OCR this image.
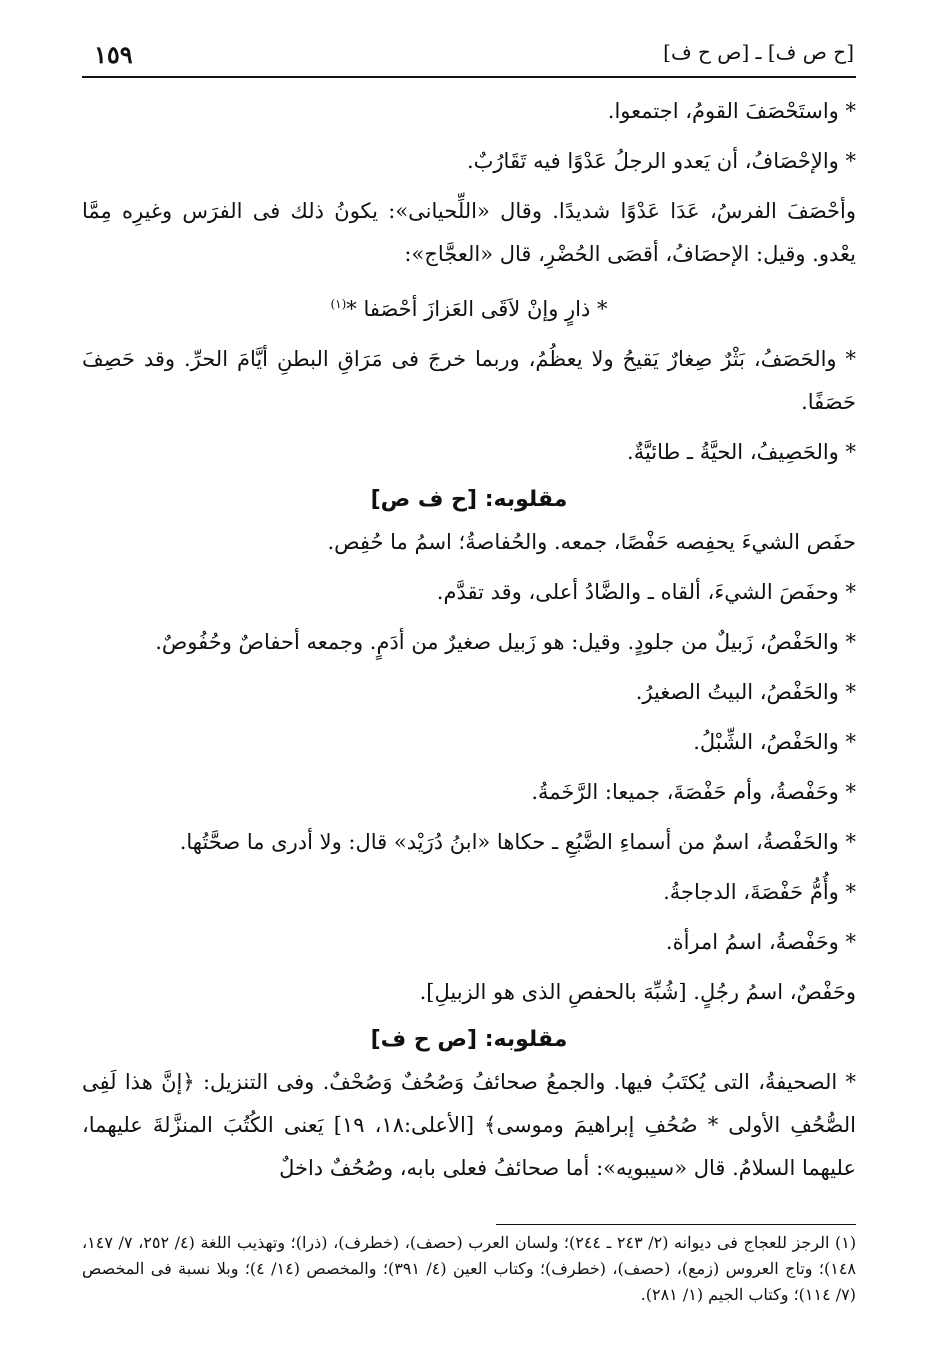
[ح ص ف] ـ [ص ح ف]
١٥٩

* واستَحْصَفَ القومُ، اجتمعوا.

* والإحْصَافُ، أن يَعدو الرجلُ عَدْوًا فيه تَقَارُبٌ.

وأحْصَفَ الفرسُ، عَدَا عَدْوًا شديدًا. وقال «اللِّحيانى»: يكونُ ذلك فى الفرَس وغيرِه مِمَّا يعْدو. وقيل: الإحصَافُ، أقصَى الحُضْرِ، قال «العجَّاج»:

* ذارٍ وإنْ لاَقَى العَزازَ أحْصَفا *$^{(١)}$

* والحَصَفُ، بَثْرٌ صِغارٌ يَقيحُ ولا يعظُمُ، وربما خرجَ فى مَرَاقِ البطنِ أيَّامَ الحرِّ. وقد حَصِفَ حَصَفًا.

* والحَصِيفُ، الحيَّةُ ـ طائيَّةٌ.

مقلوبه: [ح ف ص]

حفَص الشيءَ يحفِصه حَفْصًا، جمعه. والحُفاصةُ؛ اسمُ ما حُفِص.

* وحفَصَ الشيءَ، ألقاه ـ والضَّادُ أعلى، وقد تقدَّم.

* والحَفْصُ، زَبيلٌ من جلودٍ. وقيل: هو زَبيل صغيرٌ من أدَمٍ. وجمعه أحفاصٌ وحُفُوصٌ.

* والحَفْصُ، البيتُ الصغيرُ.

* والحَفْصُ، الشِّبْلُ.

* وحَفْصةُ، وأم حَفْصَةَ، جميعا: الرَّخَمةُ.

* والحَفْصةُ، اسمٌ من أسماءِ الضَّبُعِ ـ حكاها «ابنُ دُرَيْد» قال: ولا أدرى ما صحَّتُها.

* وأُمُّ حَفْصَةَ، الدجاجةُ.

* وحَفْصةُ، اسمُ امرأة.

وحَفْصٌ، اسمُ رجُلٍ. [شُبِّهَ بالحفصِ الذى هو الزبيلِ].

مقلوبه: [ص ح ف]

* الصحيفةُ، التى يُكتَبُ فيها. والجمعُ صحائفُ وَصُحُفٌ وَصُحْفٌ. وفى التنزيل: ﴿إنَّ هذا لَفِى الصُّحُفِ الأولى * صُحُفِ إبراهيمَ وموسى﴾ [الأعلى:١٨، ١٩] يَعنى الكُتُبَ المنزَّلةَ عليهما، عليهما السلامُ. قال «سيبويه»: أما صحائفُ فعلى بابه، وصُحُفٌ داخلٌ

(١) الرجز للعجاج فى ديوانه (٢/ ٢٤٣ ـ ٢٤٤)؛ ولسان العرب (حصف)، (خطرف)، (ذرا)؛ وتهذيب اللغة (٤/ ٢٥٢، ٧/ ١٤٧، ١٤٨)؛ وتاج العروس (زمع)، (حصف)، (خطرف)؛ وكتاب العين (٤/ ٣٩١)؛ والمخصص (١٤/ ٤)؛ وبلا نسبة فى المخصص (٧/ ١١٤)؛ وكتاب الجيم (١/ ٢٨١).
